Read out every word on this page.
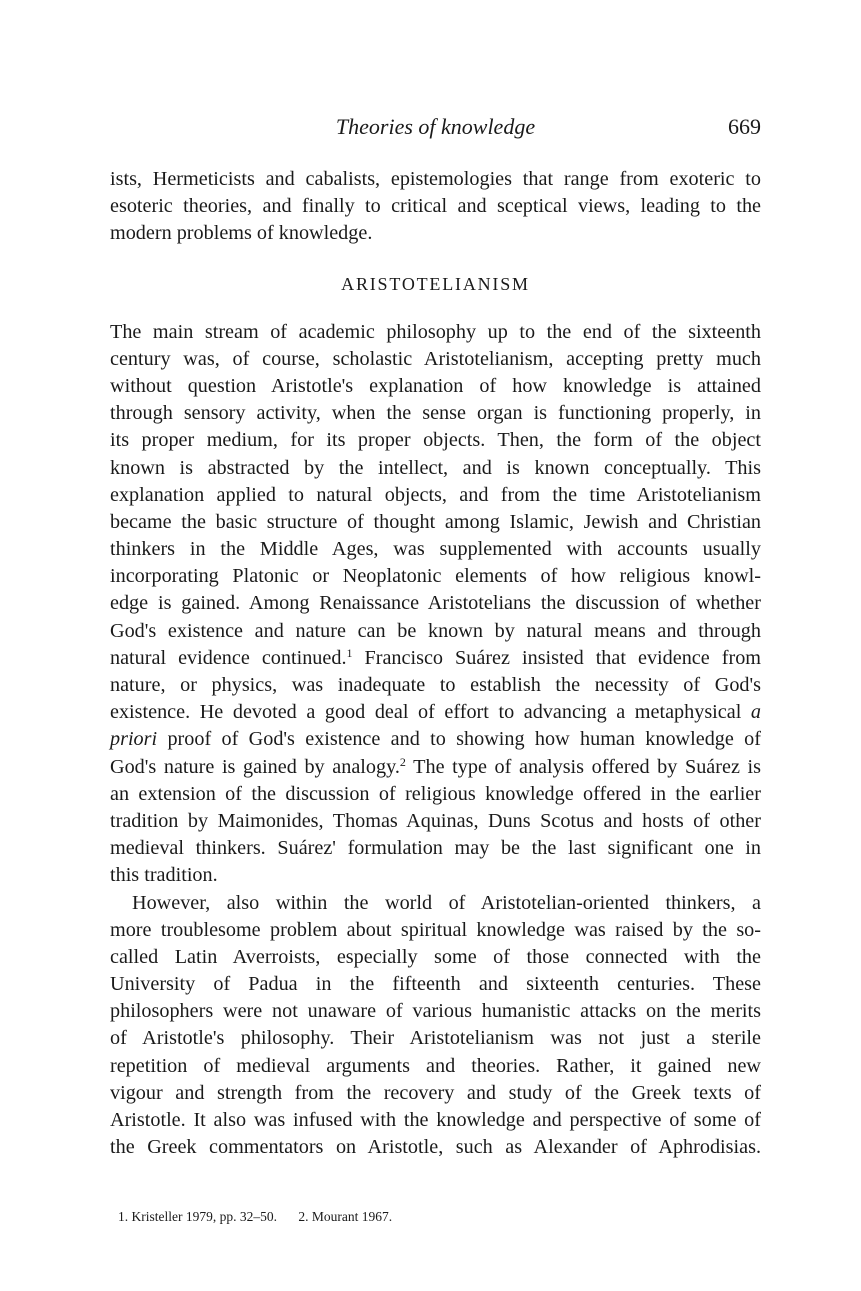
Theories of knowledge	669
ists, Hermeticists and cabalists, epistemologies that range from exoteric to
esoteric theories, and finally to critical and sceptical views, leading to the
modern problems of knowledge.
ARISTOTELIANISM
The main stream of academic philosophy up to the end of the sixteenth
century was, of course, scholastic Aristotelianism, accepting pretty much
without question Aristotle's explanation of how knowledge is attained
through sensory activity, when the sense organ is functioning properly, in
its proper medium, for its proper objects. Then, the form of the object
known is abstracted by the intellect, and is known conceptually. This
explanation applied to natural objects, and from the time Aristotelianism
became the basic structure of thought among Islamic, Jewish and Christian
thinkers in the Middle Ages, was supplemented with accounts usually
incorporating Platonic or Neoplatonic elements of how religious knowl-
edge is gained. Among Renaissance Aristotelians the discussion of whether
God's existence and nature can be known by natural means and through
natural evidence continued.$^1$ Francisco Suárez insisted that evidence from
nature, or physics, was inadequate to establish the necessity of God's
existence. He devoted a good deal of effort to advancing a metaphysical a
priori proof of God's existence and to showing how human knowledge of
God's nature is gained by analogy.$^2$ The type of analysis offered by Suárez is
an extension of the discussion of religious knowledge offered in the earlier
tradition by Maimonides, Thomas Aquinas, Duns Scotus and hosts of other
medieval thinkers. Suárez' formulation may be the last significant one in
this tradition.
However, also within the world of Aristotelian-oriented thinkers, a
more troublesome problem about spiritual knowledge was raised by the so-
called Latin Averroists, especially some of those connected with the
University of Padua in the fifteenth and sixteenth centuries. These
philosophers were not unaware of various humanistic attacks on the merits
of Aristotle's philosophy. Their Aristotelianism was not just a sterile
repetition of medieval arguments and theories. Rather, it gained new
vigour and strength from the recovery and study of the Greek texts of
Aristotle. It also was infused with the knowledge and perspective of some of
the Greek commentators on Aristotle, such as Alexander of Aphrodisias.
1. Kristeller 1979, pp. 32–50. 2. Mourant 1967.
